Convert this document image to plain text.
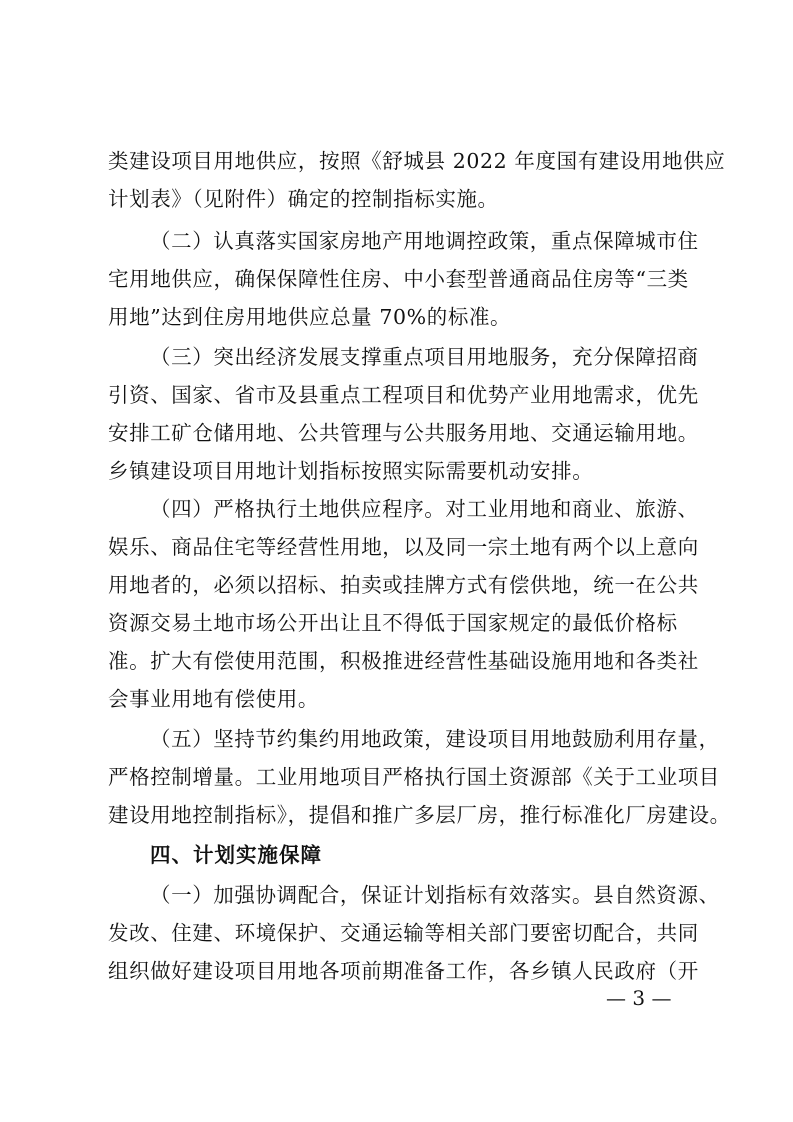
类建设项目用地供应，按照《舒城县 2022 年度国有建设用地供应
计划表》（见附件）确定的控制指标实施。
（二）认真落实国家房地产用地调控政策，重点保障城市住
宅用地供应，确保保障性住房、中小套型普通商品住房等“三类
用地”达到住房用地供应总量 70%的标准。
（三）突出经济发展支撑重点项目用地服务，充分保障招商
引资、国家、省市及县重点工程项目和优势产业用地需求，优先
安排工矿仓储用地、公共管理与公共服务用地、交通运输用地。
乡镇建设项目用地计划指标按照实际需要机动安排。
（四）严格执行土地供应程序。对工业用地和商业、旅游、
娱乐、商品住宅等经营性用地，以及同一宗土地有两个以上意向
用地者的，必须以招标、拍卖或挂牌方式有偿供地，统一在公共
资源交易土地市场公开出让且不得低于国家规定的最低价格标
准。扩大有偿使用范围，积极推进经营性基础设施用地和各类社
会事业用地有偿使用。
（五）坚持节约集约用地政策，建设项目用地鼓励利用存量，
严格控制增量。工业用地项目严格执行国土资源部《关于工业项目
建设用地控制指标》，提倡和推广多层厂房，推行标准化厂房建设。
四、计划实施保障
（一）加强协调配合，保证计划指标有效落实。县自然资源、
发改、住建、环境保护、交通运输等相关部门要密切配合，共同
组织做好建设项目用地各项前期准备工作，各乡镇人民政府（开
— 3 —
